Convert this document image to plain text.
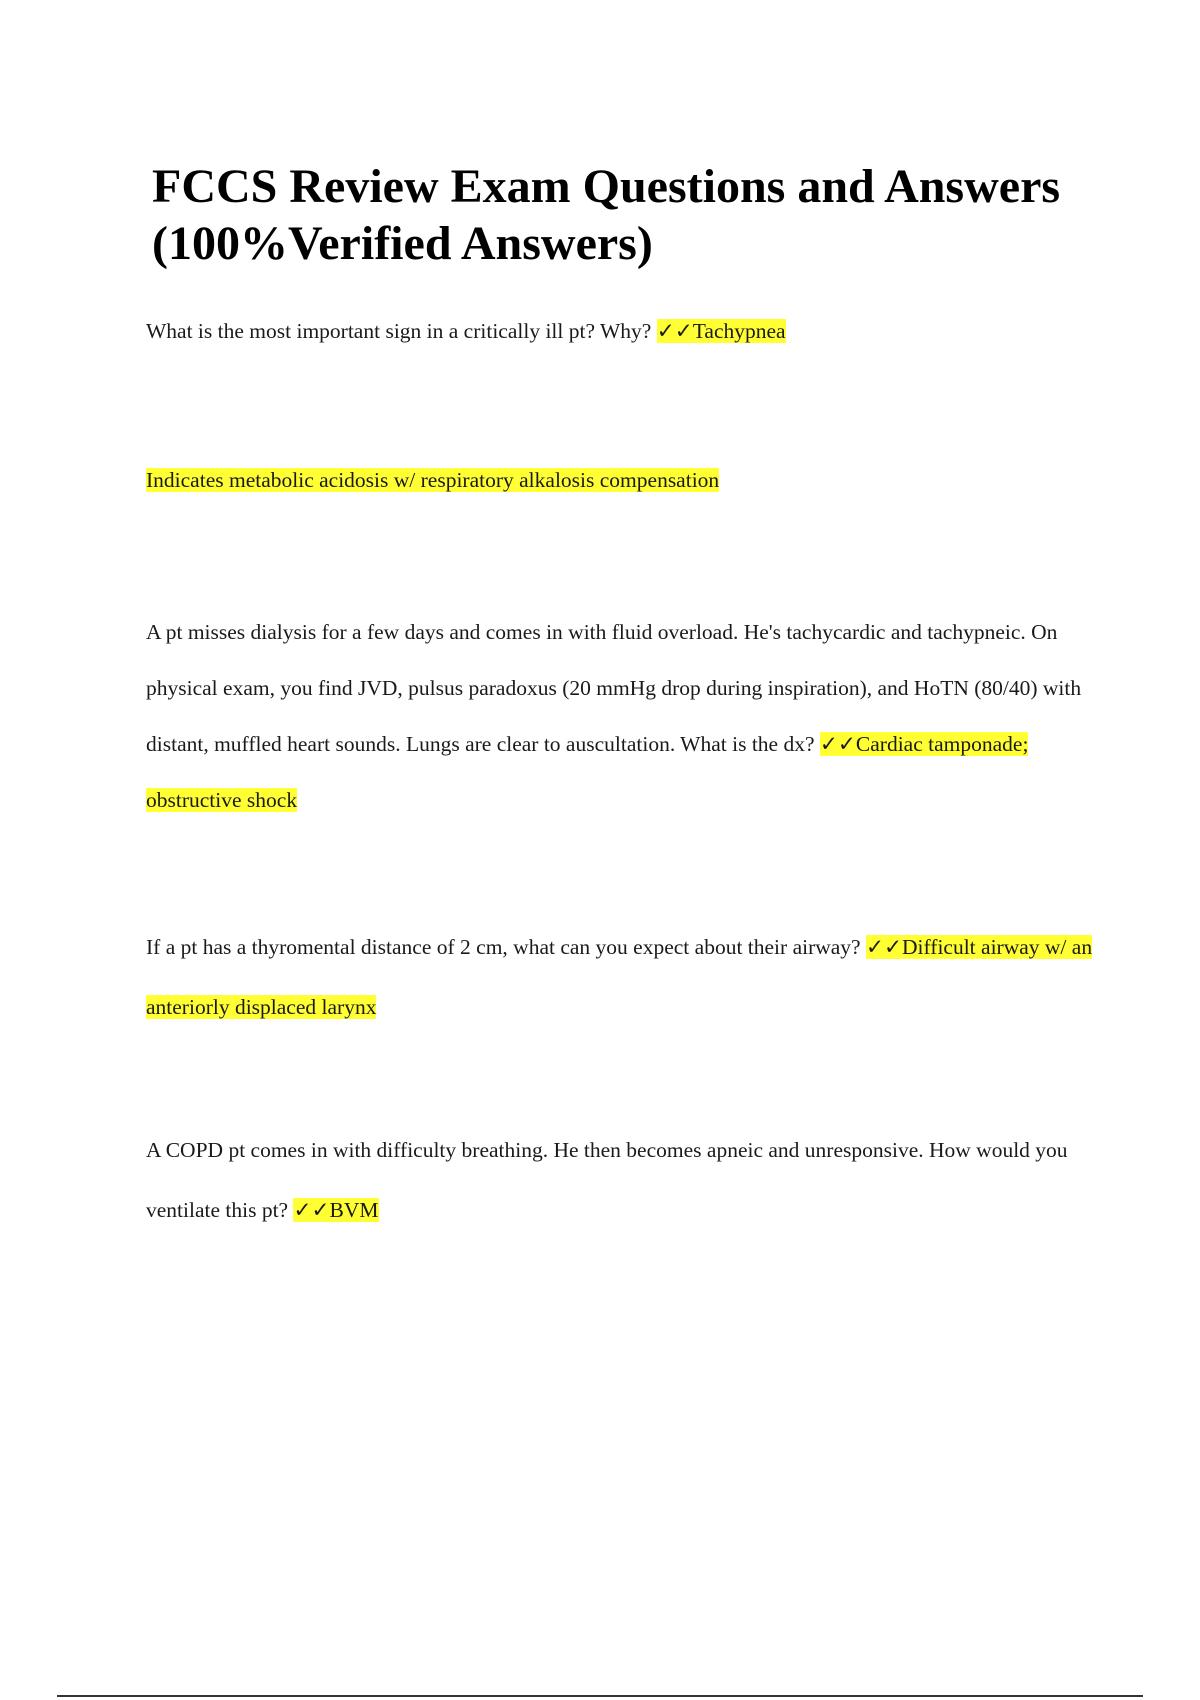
FCCS Review Exam Questions and Answers
(100%Verified Answers)

What is the most important sign in a critically ill pt? Why? ✓✓Tachypnea

Indicates metabolic acidosis w/ respiratory alkalosis compensation

A pt misses dialysis for a few days and comes in with fluid overload. He's tachycardic and tachypneic. On physical exam, you find JVD, pulsus paradoxus (20 mmHg drop during inspiration), and HoTN (80/40) with distant, muffled heart sounds. Lungs are clear to auscultation. What is the dx? ✓✓Cardiac tamponade; obstructive shock

If a pt has a thyromental distance of 2 cm, what can you expect about their airway? ✓✓Difficult airway w/ an anteriorly displaced larynx

A COPD pt comes in with difficulty breathing. He then becomes apneic and unresponsive. How would you ventilate this pt? ✓✓BVM
